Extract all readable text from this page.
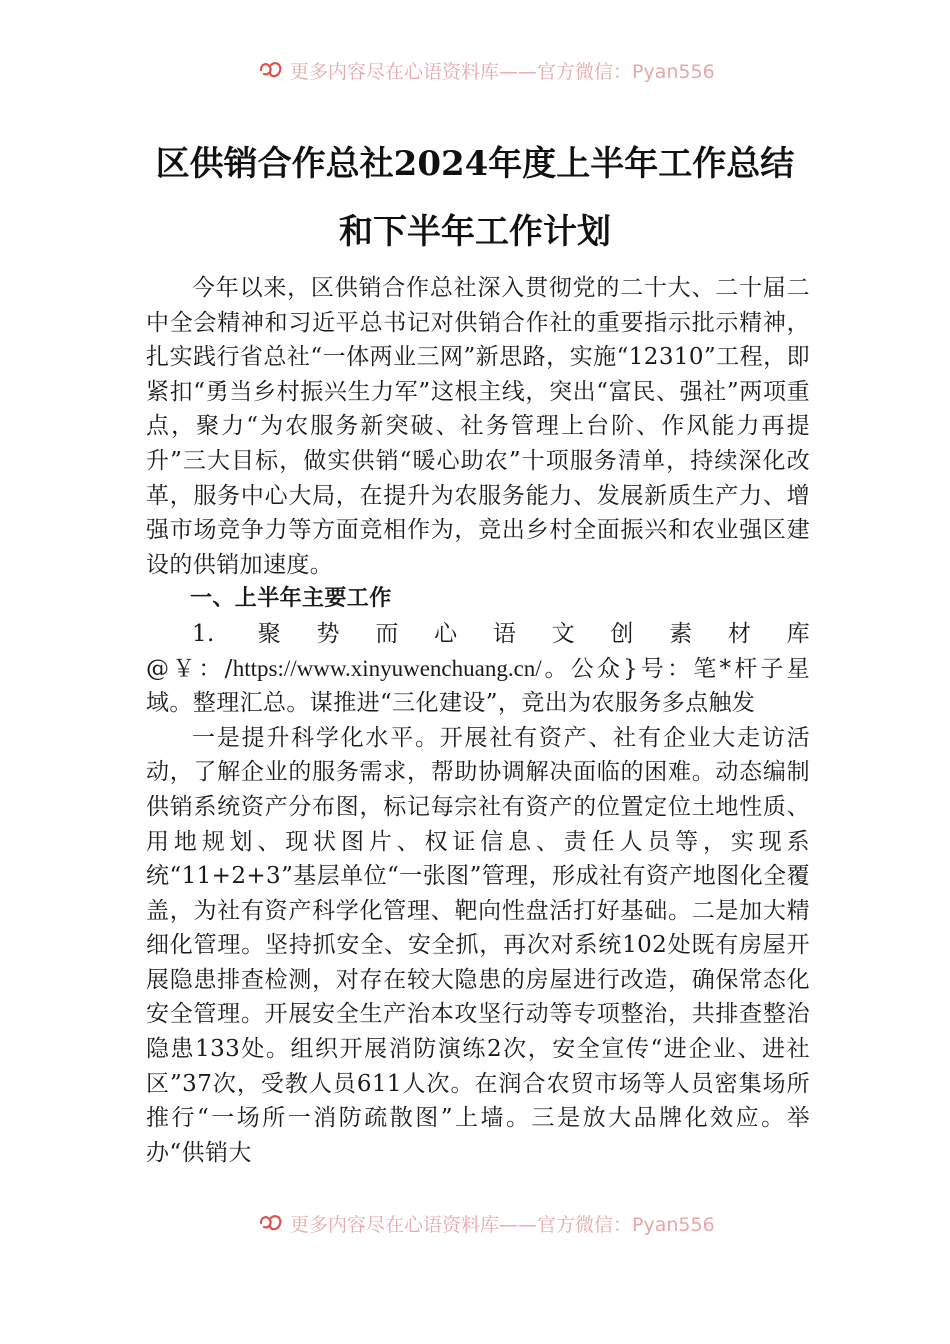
更多内容尽在心语资料库——官方微信：Pyan556
区供销合作总社2024年度上半年工作总结
和下半年工作计划

今年以来，区供销合作总社深入贯彻党的二十大、二十届二中全会精神和习近平总书记对供销合作社的重要指示批示精神，扎实践行省总社“一体两业三网”新思路，实施“12310”工程，即紧扣“勇当乡村振兴生力军”这根主线，突出“富民、强社”两项重点，聚力“为农服务新突破、社务管理上台阶、作风能力再提升”三大目标，做实供销“暖心助农”十项服务清单，持续深化改革，服务中心大局，在提升为农服务能力、发展新质生产力、增强市场竞争力等方面竞相作为，竞出乡村全面振兴和农业强区建设的供销加速度。

一、上半年主要工作

1. 聚势而心语文创素材库@￥：/https://www.xinyuwenchuang.cn/。公众}号：笔*杆子星域。整理汇总。谋推进“三化建设”，竞出为农服务多点触发

一是提升科学化水平。开展社有资产、社有企业大走访活动，了解企业的服务需求，帮助协调解决面临的困难。动态编制供销系统资产分布图，标记每宗社有资产的位置定位土地性质、用地规划、现状图片、权证信息、责任人员等，实现系统“11+2+3”基层单位“一张图”管理，形成社有资产地图化全覆盖，为社有资产科学化管理、靶向性盘活打好基础。二是加大精细化管理。坚持抓安全、安全抓，再次对系统102处既有房屋开展隐患排查检测，对存在较大隐患的房屋进行改造，确保常态化安全管理。开展安全生产治本攻坚行动等专项整治，共排查整治隐患133处。组织开展消防演练2次，安全宣传“进企业、进社区”37次，受教人员611人次。在润合农贸市场等人员密集场所推行“一场所一消防疏散图”上墙。三是放大品牌化效应。举办“供销大

更多内容尽在心语资料库——官方微信：Pyan556
